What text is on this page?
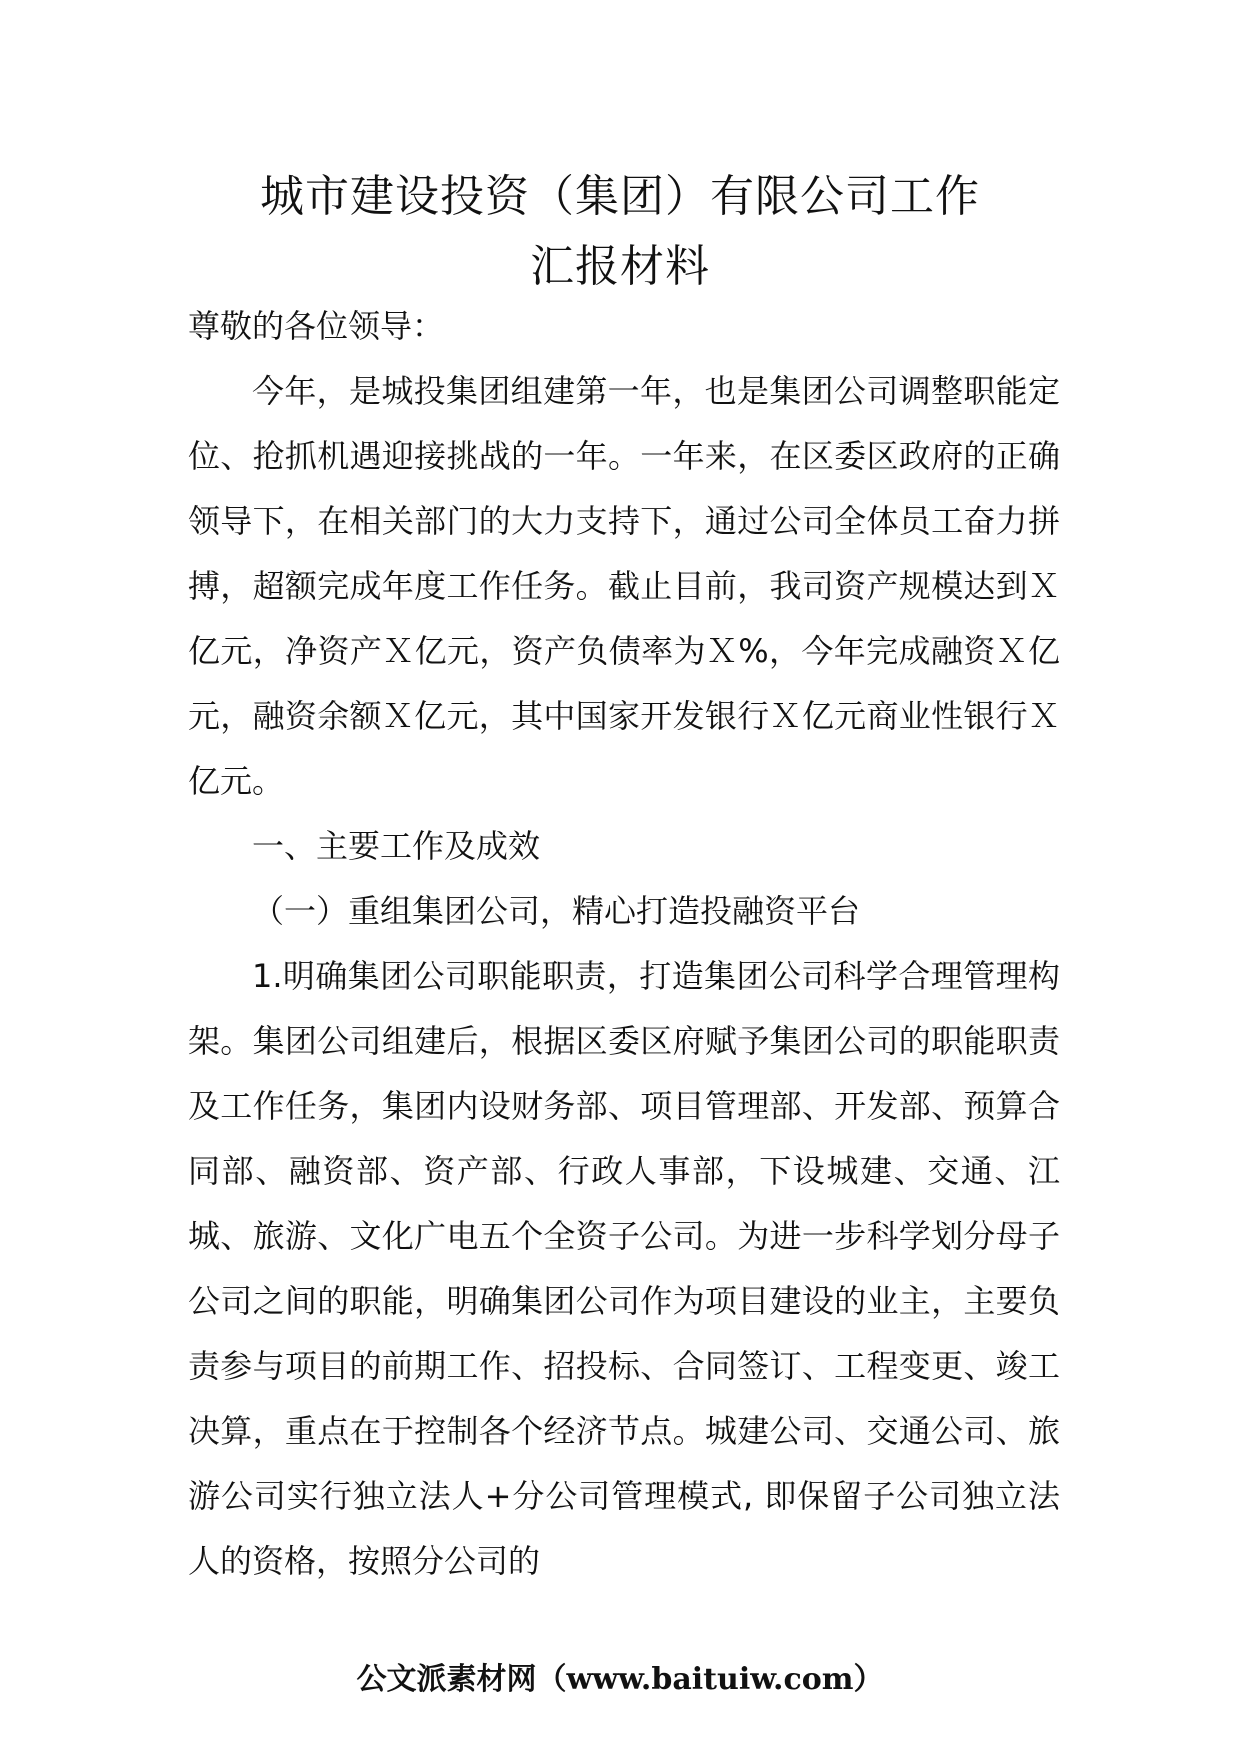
城市建设投资（集团）有限公司工作
汇报材料

尊敬的各位领导：

今年，是城投集团组建第一年，也是集团公司调整职能定位、抢抓机遇迎接挑战的一年。一年来，在区委区政府的正确领导下，在相关部门的大力支持下，通过公司全体员工奋力拼搏，超额完成年度工作任务。截止目前，我司资产规模达到Ｘ亿元，净资产Ｘ亿元，资产负债率为Ｘ%，今年完成融资Ｘ亿元，融资余额Ｘ亿元，其中国家开发银行Ｘ亿元商业性银行Ｘ亿元。

一、主要工作及成效

（一）重组集团公司，精心打造投融资平台

1.明确集团公司职能职责，打造集团公司科学合理管理构架。集团公司组建后，根据区委区府赋予集团公司的职能职责及工作任务，集团内设财务部、项目管理部、开发部、预算合同部、融资部、资产部、行政人事部，下设城建、交通、江城、旅游、文化广电五个全资子公司。为进一步科学划分母子公司之间的职能，明确集团公司作为项目建设的业主，主要负责参与项目的前期工作、招投标、合同签订、工程变更、竣工决算，重点在于控制各个经济节点。城建公司、交通公司、旅游公司实行独立法人+分公司管理模式, 即保留子公司独立法人的资格，按照分公司的

公文派素材网（www.baituiw.com）
